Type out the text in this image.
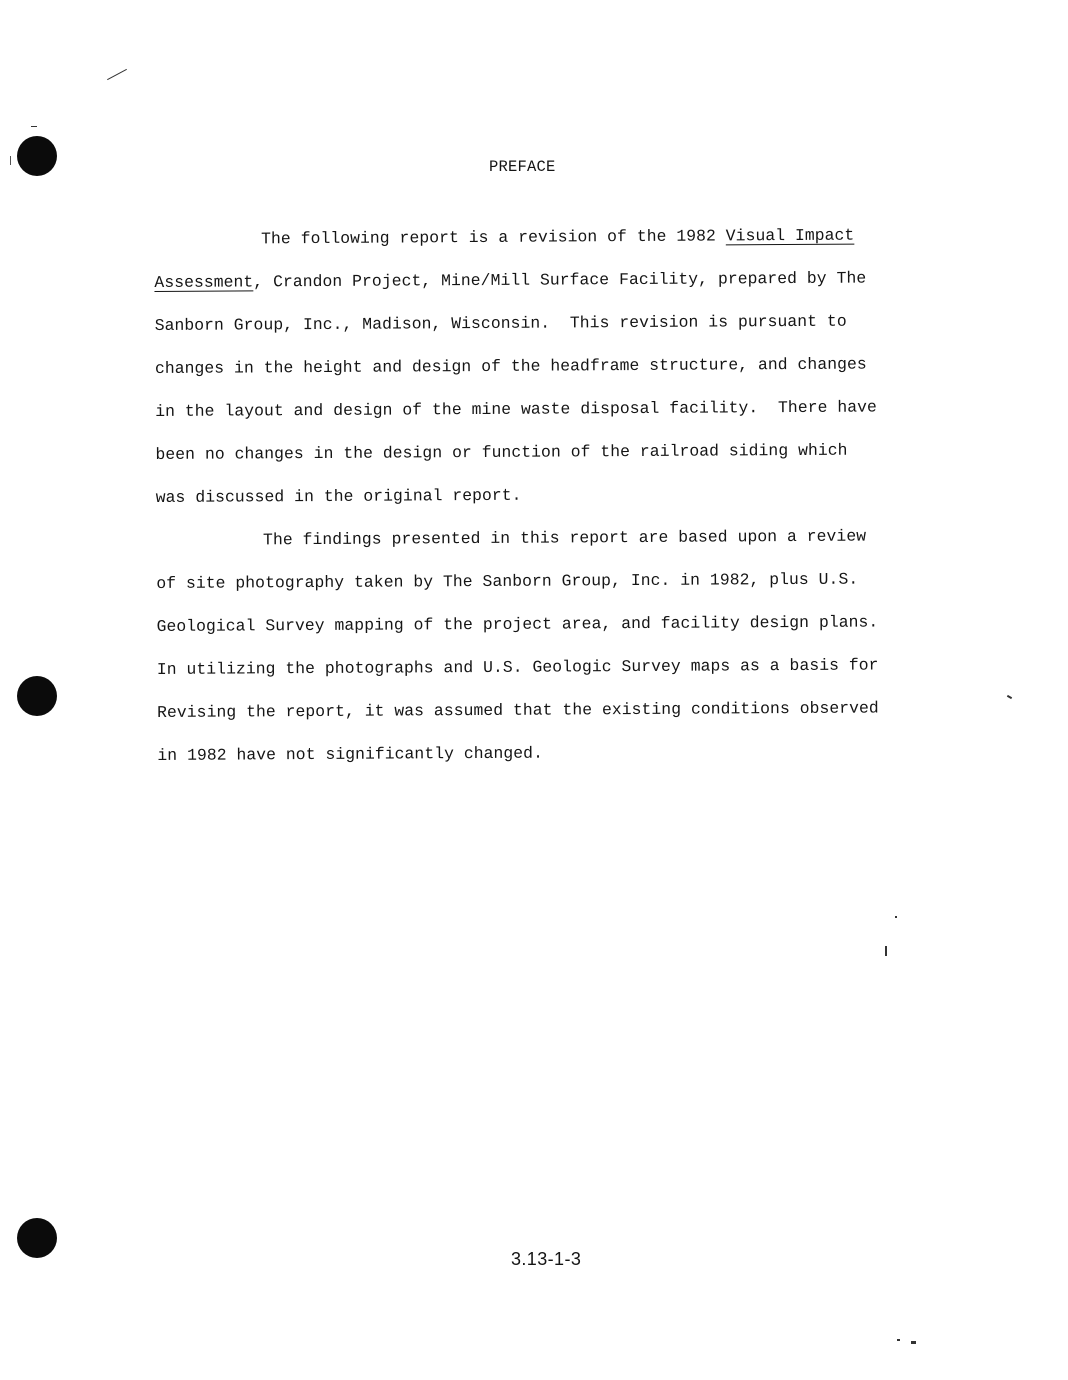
PREFACE
The following report is a revision of the 1982 Visual Impact
Assessment, Crandon Project, Mine/Mill Surface Facility, prepared by The
Sanborn Group, Inc., Madison, Wisconsin.  This revision is pursuant to
changes in the height and design of the headframe structure, and changes
in the layout and design of the mine waste disposal facility.  There have
been no changes in the design or function of the railroad siding which
was discussed in the original report.
The findings presented in this report are based upon a review
of site photography taken by The Sanborn Group, Inc. in 1982, plus U.S.
Geological Survey mapping of the project area, and facility design plans.
In utilizing the photographs and U.S. Geologic Survey maps as a basis for
Revising the report, it was assumed that the existing conditions observed
in 1982 have not significantly changed.
3.13-1-3
